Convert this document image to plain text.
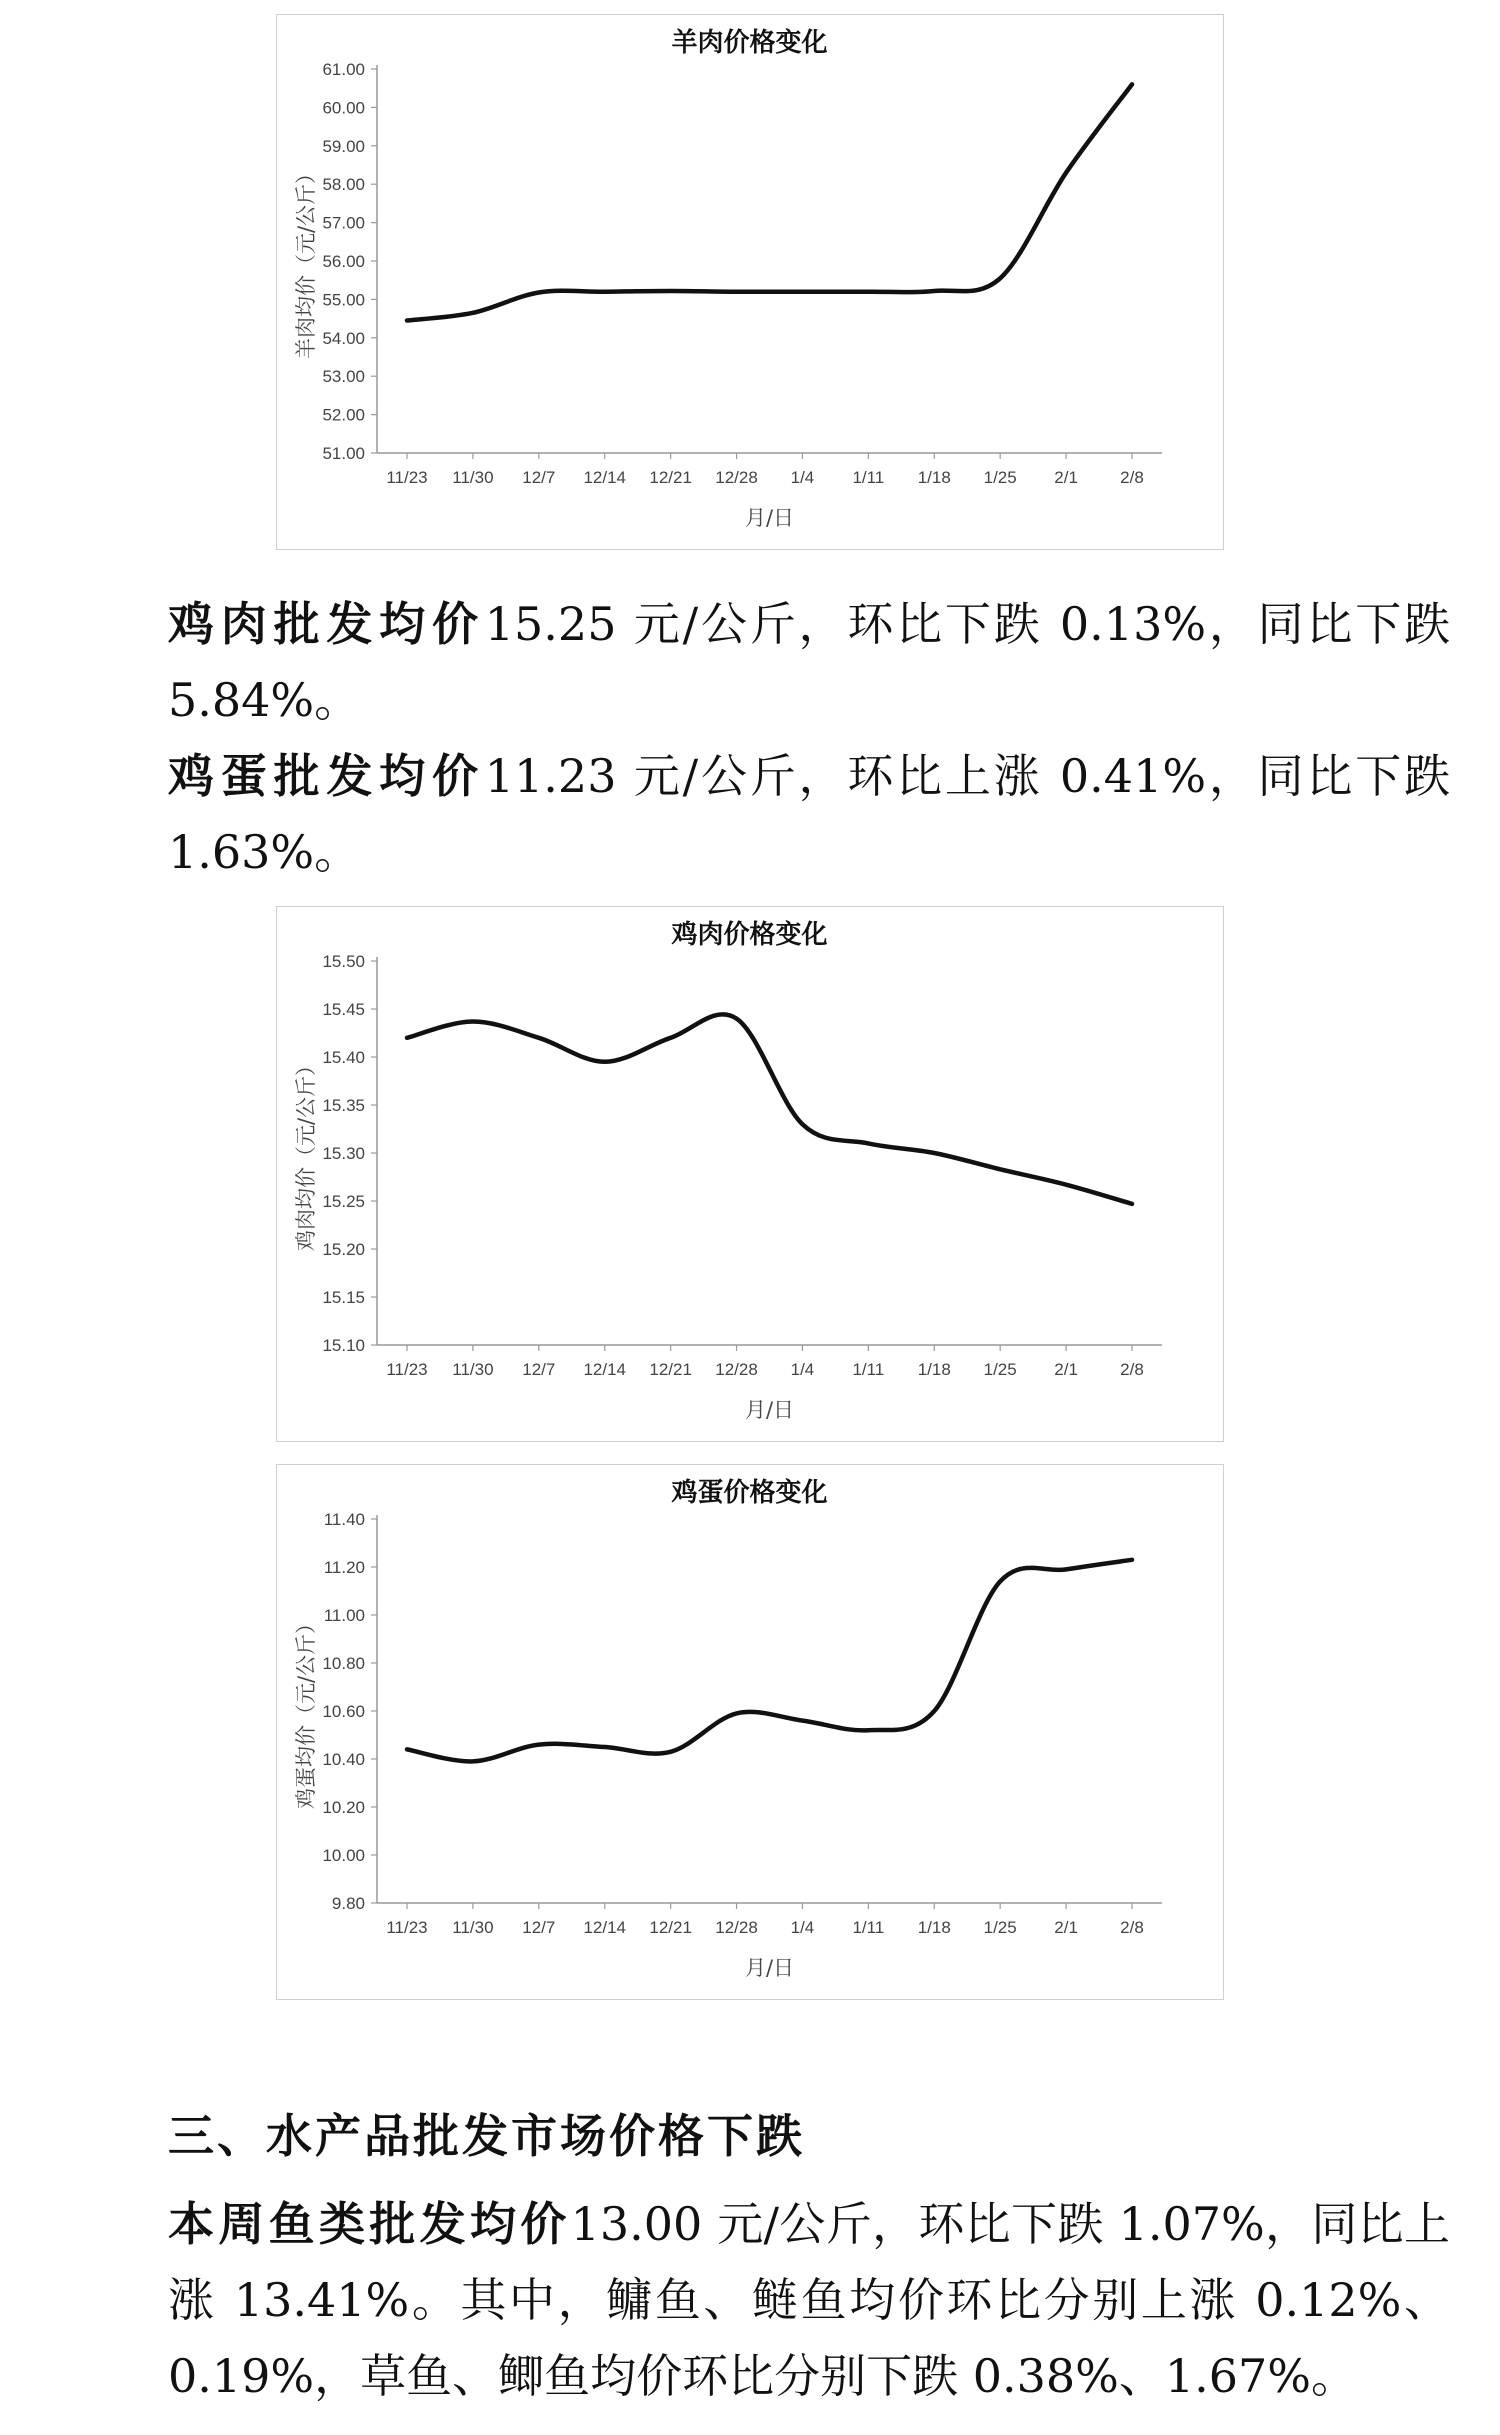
羊肉价格变化
51.00
52.00
53.00
54.00
55.00
56.00
57.00
58.00
59.00
60.00
61.00
11/23 11/30 12/7 12/14 12/21 12/28 1/4 1/11 1/18 1/25 2/1 2/8
月/日
羊肉均价（元/公斤）

鸡肉批发均价15.25 元/公斤，环比下跌 0.13%，同比下跌 5.84%。

鸡蛋批发均价11.23 元/公斤，环比上涨 0.41%，同比下跌 1.63%。

鸡肉价格变化
15.10
15.15
15.20
15.25
15.30
15.35
15.40
15.45
15.50
11/23 11/30 12/7 12/14 12/21 12/28 1/4 1/11 1/18 1/25 2/1 2/8
月/日
鸡肉均价（元/公斤）
鸡蛋价格变化
9.80
10.00
10.20
10.40
10.60
10.80
11.00
11.20
11.40
11/23 11/30 12/7 12/14 12/21 12/28 1/4 1/11 1/18 1/25 2/1 2/8
月/日
鸡蛋均价（元/公斤）
三、水产品批发市场价格下跌

本周鱼类批发均价13.00 元/公斤，环比下跌 1.07%，同比上涨 13.41%。其中，鳙鱼、鲢鱼均价环比分别上涨 0.12%、0.19%，草鱼、鲫鱼均价环比分别下跌 0.38%、1.67%。
